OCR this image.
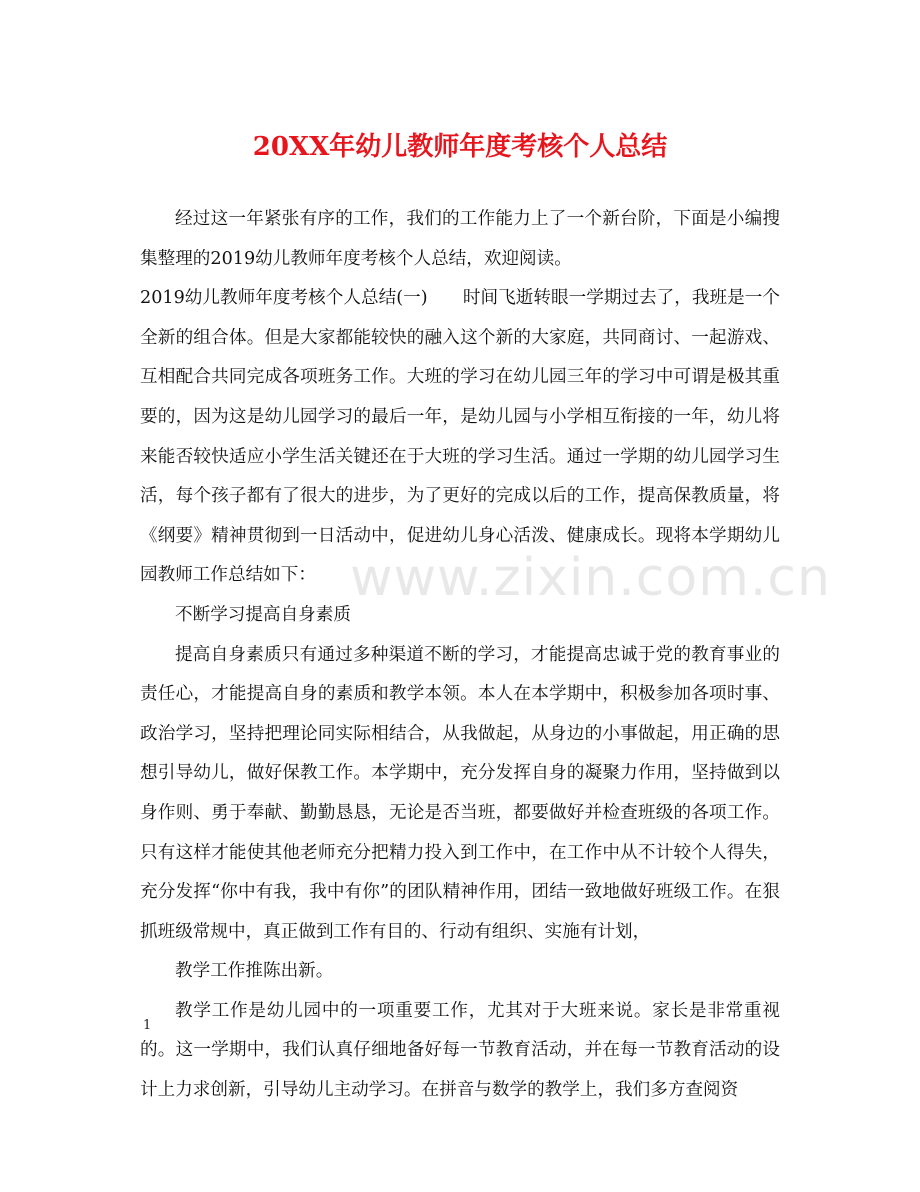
20XX年幼儿教师年度考核个人总结
www.zixin.com.cn

经过这一年紧张有序的工作，我们的工作能力上了一个新台阶，下面是小编搜集整理的2019幼儿教师年度考核个人总结，欢迎阅读。

2019幼儿教师年度考核个人总结(一)　　时间飞逝转眼一学期过去了，我班是一个全新的组合体。但是大家都能较快的融入这个新的大家庭，共同商讨、一起游戏、互相配合共同完成各项班务工作。大班的学习在幼儿园三年的学习中可谓是极其重要的，因为这是幼儿园学习的最后一年，是幼儿园与小学相互衔接的一年，幼儿将来能否较快适应小学生活关键还在于大班的学习生活。通过一学期的幼儿园学习生活，每个孩子都有了很大的进步，为了更好的完成以后的工作，提高保教质量，将《纲要》精神贯彻到一日活动中，促进幼儿身心活泼、健康成长。现将本学期幼儿园教师工作总结如下：

不断学习提高自身素质

提高自身素质只有通过多种渠道不断的学习，才能提高忠诚于党的教育事业的责任心，才能提高自身的素质和教学本领。本人在本学期中，积极参加各项时事、政治学习，坚持把理论同实际相结合，从我做起，从身边的小事做起，用正确的思想引导幼儿，做好保教工作。本学期中，充分发挥自身的凝聚力作用，坚持做到以身作则、勇于奉献、勤勤恳恳，无论是否当班，都要做好并检查班级的各项工作。只有这样才能使其他老师充分把精力投入到工作中，在工作中从不计较个人得失，充分发挥“你中有我，我中有你”的团队精神作用，团结一致地做好班级工作。在狠抓班级常规中，真正做到工作有目的、行动有组织、实施有计划，

教学工作推陈出新。

教学工作是幼儿园中的一项重要工作，尤其对于大班来说。家长是非常重视的。这一学期中，我们认真仔细地备好每一节教育活动，并在每一节教育活动的设计上力求创新，引导幼儿主动学习。在拼音与数学的教学上，我们多方查阅资

1
